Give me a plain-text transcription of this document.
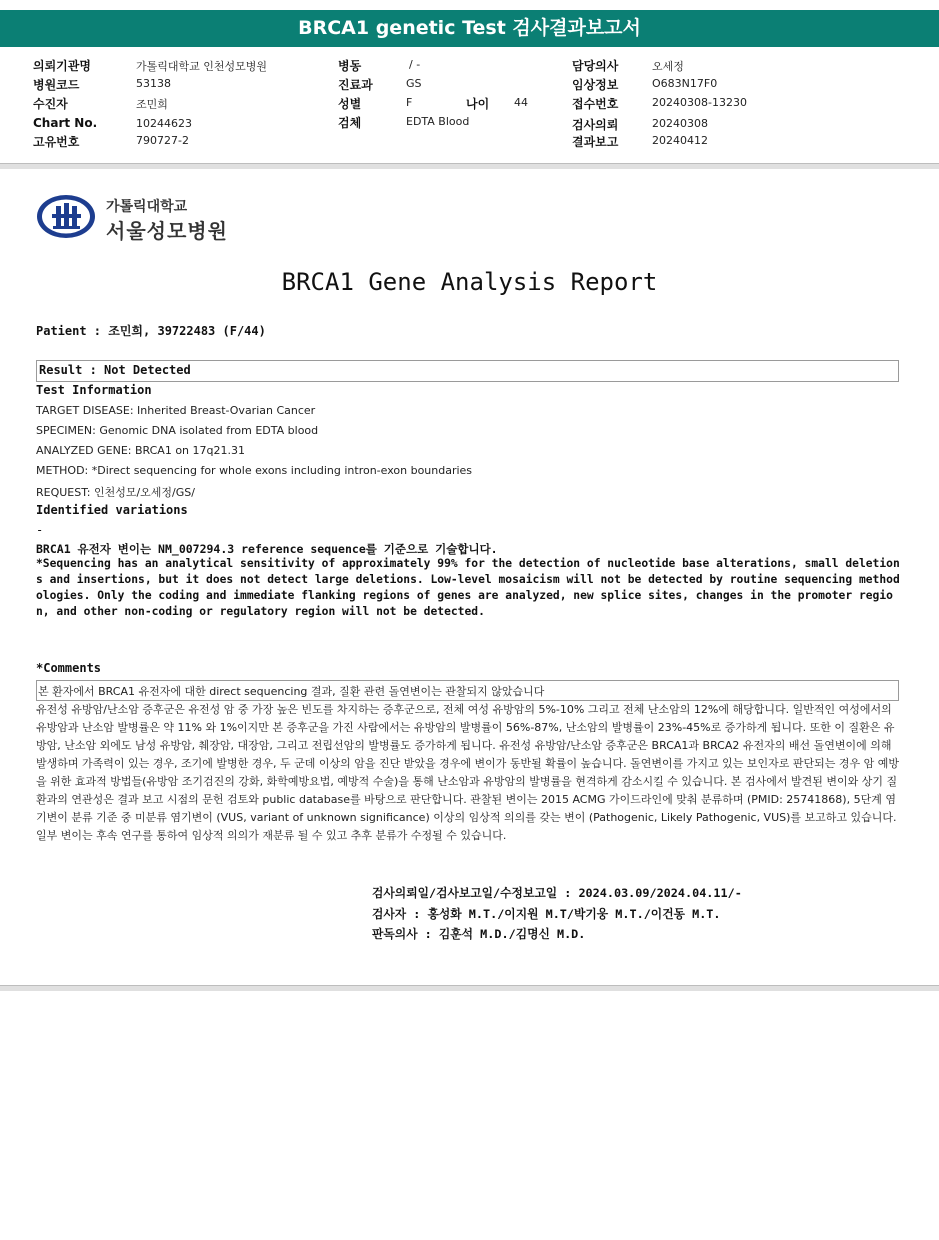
BRCA1 genetic Test 검사결과보고서
의뢰기관명	가톨릭대학교 인천성모병원
병원코드	53138
수진자	조민희
Chart No.	10244623
고유번호	790727-2
병동	/ -
진료과	GS
성별	F	나이 44
검체	EDTA Blood
담당의사	오세정
임상정보	O683N17F0
접수번호	20240308-13230
검사의뢰	20240308
결과보고	20240412
가톨릭대학교
서울성모병원
BRCA1 Gene Analysis Report
Patient : 조민희, 39722483 (F/44)
Result : Not Detected
Test Information
TARGET DISEASE: Inherited Breast-Ovarian Cancer
SPECIMEN: Genomic DNA isolated from EDTA blood
ANALYZED GENE: BRCA1 on 17q21.31
METHOD: *Direct sequencing for whole exons including intron-exon boundaries
REQUEST: 인천성모/오세정/GS/
Identified variations
-
BRCA1 유전자 변이는 NM_007294.3 reference sequence를 기준으로 기술합니다.
*Sequencing has an analytical sensitivity of approximately 99% for the detection of nucleotide base alterations, small deletions and insertions, but it does not detect large deletions. Low-level mosaicism will not be detected by routine sequencing methodologies. Only the coding and immediate flanking regions of genes are analyzed, new splice sites, changes in the promoter region, and other non-coding or regulatory region will not be detected.
*Comments
본 환자에서 BRCA1 유전자에 대한 direct sequencing 결과, 질환 관련 돌연변이는 관찰되지 않았습니다
유전성 유방암/난소암 증후군은 유전성 암 중 가장 높은 빈도를 차지하는 증후군으로, 전체 여성 유방암의 5%-10% 그리고 전체 난소암의 12%에 해당합니다. 일반적인 여성에서의 유방암과 난소암 발병률은 약 11% 와 1%이지만 본 증후군을 가진 사람에서는 유방암의 발병률이 56%-87%, 난소암의 발병률이 23%-45%로 증가하게 됩니다. 또한 이 질환은 유방암, 난소암 외에도 남성 유방암, 췌장암, 대장암, 그리고 전립선암의 발병률도 증가하게 됩니다. 유전성 유방암/난소암 증후군은 BRCA1과 BRCA2 유전자의 배선 돌연변이에 의해 발생하며 가족력이 있는 경우, 조기에 발병한 경우, 두 군데 이상의 암을 진단 받았을 경우에 변이가 동반될 확률이 높습니다. 돌연변이를 가지고 있는 보인자로 판단되는 경우 암 예방을 위한 효과적 방법들(유방암 조기검진의 강화, 화학예방요법, 예방적 수술)을 통해 난소암과 유방암의 발병률을 현격하게 감소시킬 수 있습니다. 본 검사에서 발견된 변이와 상기 질환과의 연관성은 결과 보고 시점의 문헌 검토와 public database를 바탕으로 판단합니다. 관찰된 변이는 2015 ACMG 가이드라인에 맞춰 분류하며 (PMID: 25741868), 5단계 염기변이 분류 기준 중 미분류 염기변이 (VUS, variant of unknown significance) 이상의 임상적 의의를 갖는 변이 (Pathogenic, Likely Pathogenic, VUS)를 보고하고 있습니다. 일부 변이는 후속 연구를 통하여 임상적 의의가 재분류 될 수 있고 추후 분류가 수정될 수 있습니다.
검사의뢰일/검사보고일/수정보고일 : 2024.03.09/2024.04.11/-
검사자 : 홍성화 M.T./이지원 M.T/박기웅 M.T./이건동 M.T.
판독의사 : 김훈석 M.D./김명신 M.D.
